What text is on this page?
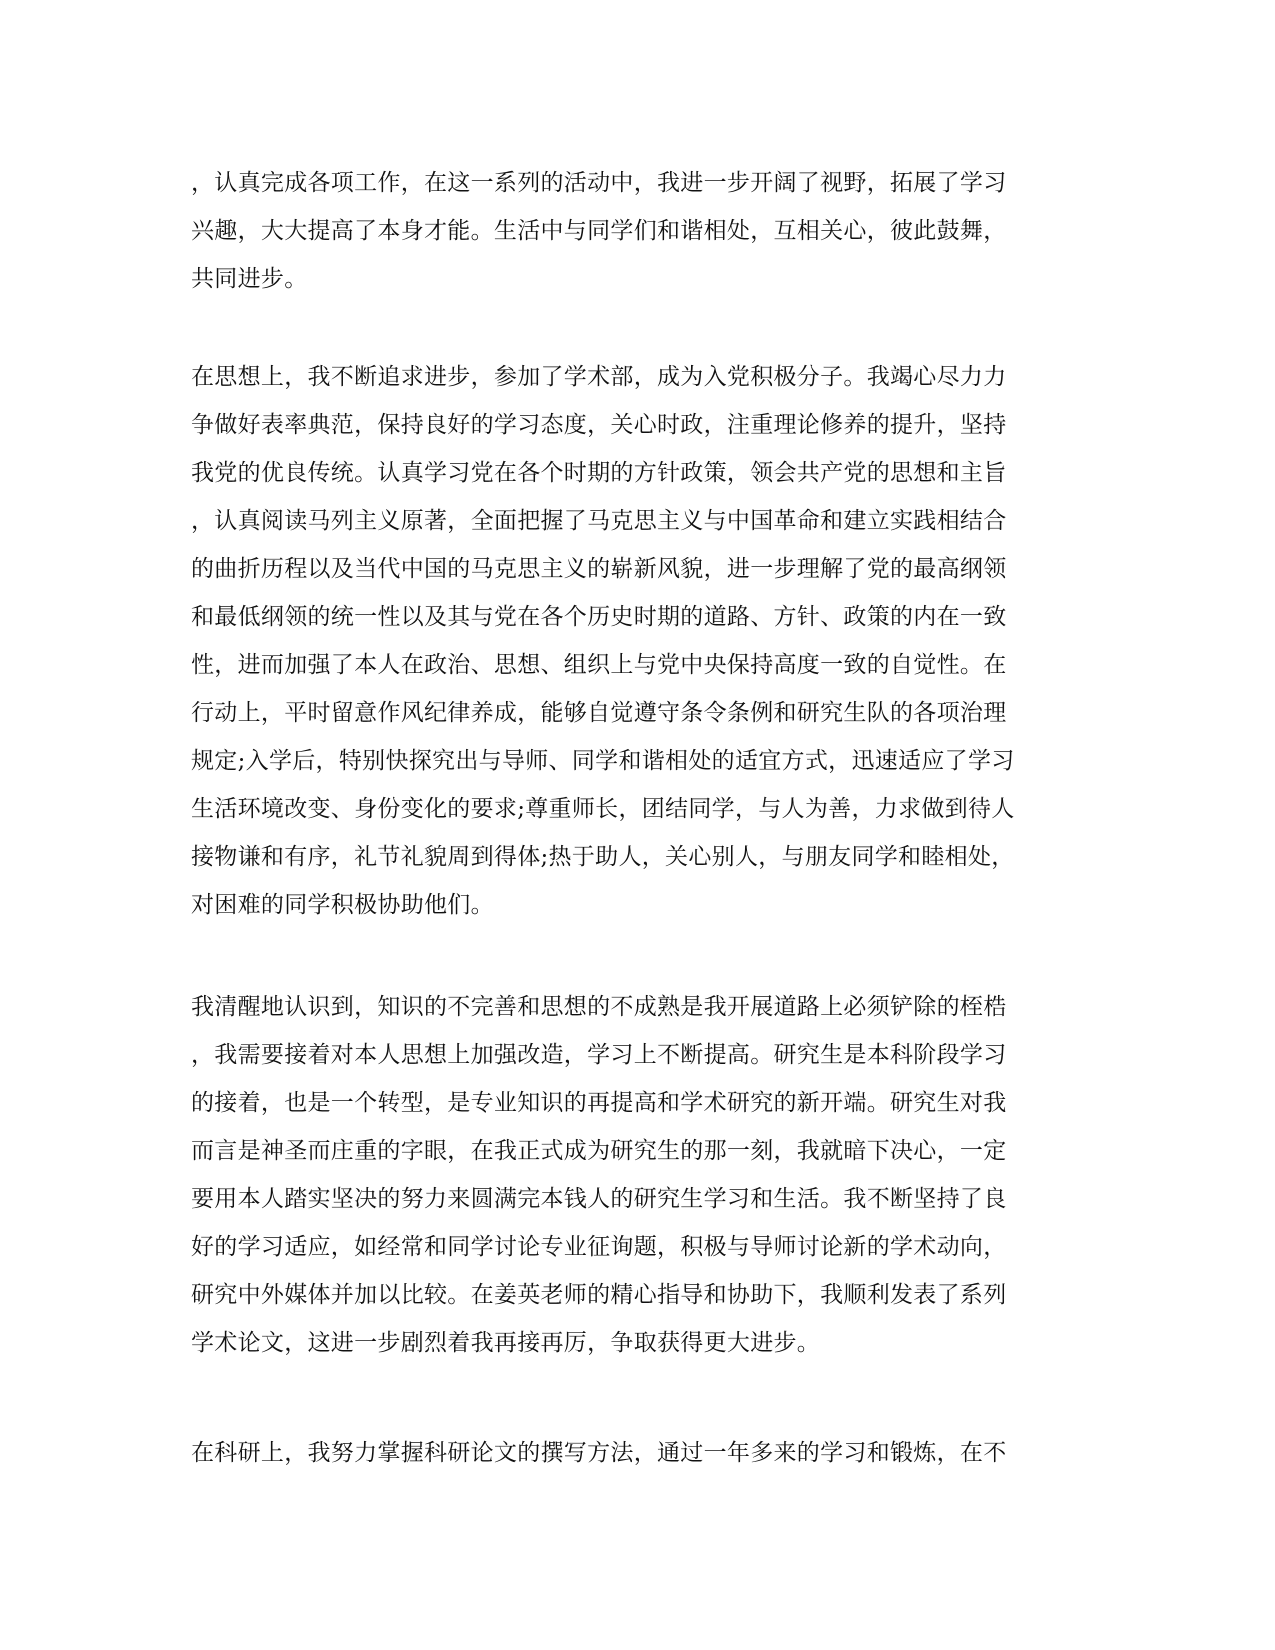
，认真完成各项工作，在这一系列的活动中，我进一步开阔了视野，拓展了学习
兴趣，大大提高了本身才能。生活中与同学们和谐相处，互相关心，彼此鼓舞，
共同进步。
在思想上，我不断追求进步，参加了学术部，成为入党积极分子。我竭心尽力力
争做好表率典范，保持良好的学习态度，关心时政，注重理论修养的提升，坚持
我党的优良传统。认真学习党在各个时期的方针政策，领会共产党的思想和主旨
，认真阅读马列主义原著，全面把握了马克思主义与中国革命和建立实践相结合
的曲折历程以及当代中国的马克思主义的崭新风貌，进一步理解了党的最高纲领
和最低纲领的统一性以及其与党在各个历史时期的道路、方针、政策的内在一致
性，进而加强了本人在政治、思想、组织上与党中央保持高度一致的自觉性。在
行动上，平时留意作风纪律养成，能够自觉遵守条令条例和研究生队的各项治理
规定;入学后，特别快探究出与导师、同学和谐相处的适宜方式，迅速适应了学习
生活环境改变、身份变化的要求;尊重师长，团结同学，与人为善，力求做到待人
接物谦和有序，礼节礼貌周到得体;热于助人，关心别人，与朋友同学和睦相处，
对困难的同学积极协助他们。
我清醒地认识到，知识的不完善和思想的不成熟是我开展道路上必须铲除的桎梏
，我需要接着对本人思想上加强改造，学习上不断提高。研究生是本科阶段学习
的接着，也是一个转型，是专业知识的再提高和学术研究的新开端。研究生对我
而言是神圣而庄重的字眼，在我正式成为研究生的那一刻，我就暗下决心，一定
要用本人踏实坚决的努力来圆满完本钱人的研究生学习和生活。我不断坚持了良
好的学习适应，如经常和同学讨论专业征询题，积极与导师讨论新的学术动向，
研究中外媒体并加以比较。在姜英老师的精心指导和协助下，我顺利发表了系列
学术论文，这进一步剧烈着我再接再厉，争取获得更大进步。
在科研上，我努力掌握科研论文的撰写方法，通过一年多来的学习和锻炼，在不
